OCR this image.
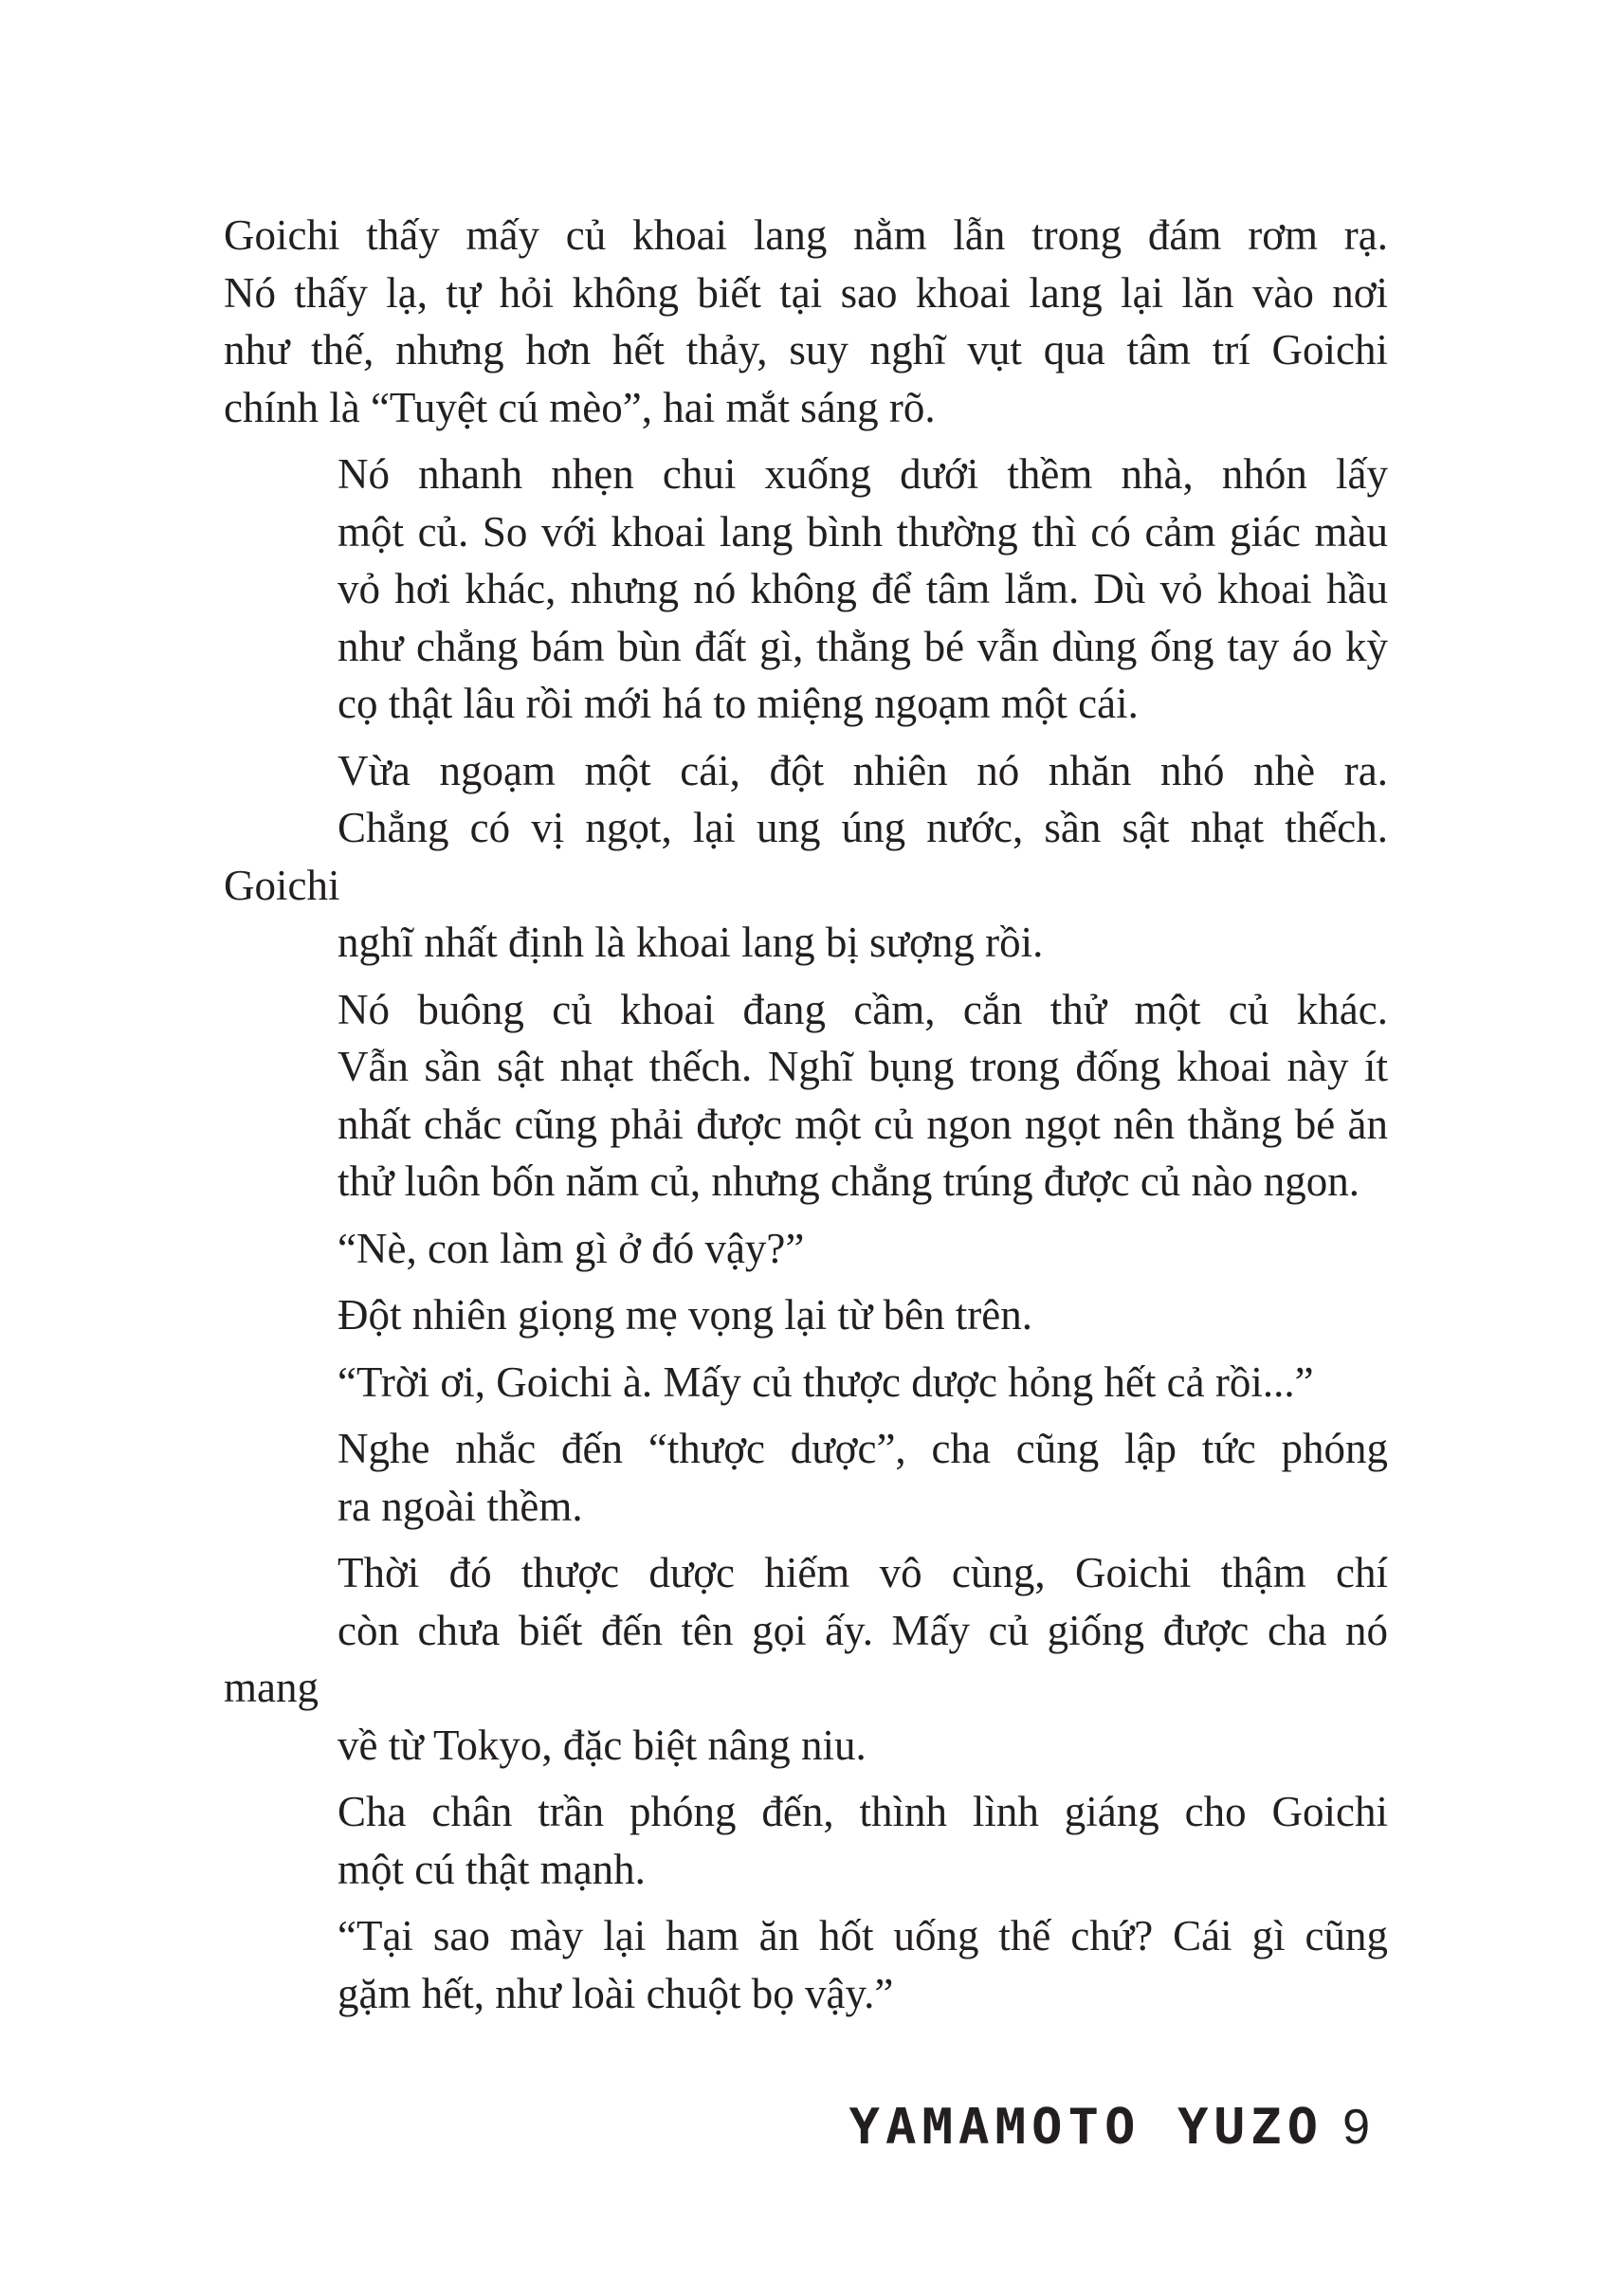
Goichi thấy mấy củ khoai lang nằm lẫn trong đám rơm rạ.
Nó thấy lạ, tự hỏi không biết tại sao khoai lang lại lăn vào nơi
như thế, nhưng hơn hết thảy, suy nghĩ vụt qua tâm trí Goichi
chính là “Tuyệt cú mèo”, hai mắt sáng rõ.

Nó nhanh nhẹn chui xuống dưới thềm nhà, nhón lấy
một củ. So với khoai lang bình thường thì có cảm giác màu
vỏ hơi khác, nhưng nó không để tâm lắm. Dù vỏ khoai hầu
như chẳng bám bùn đất gì, thằng bé vẫn dùng ống tay áo kỳ
cọ thật lâu rồi mới há to miệng ngoạm một cái.

Vừa ngoạm một cái, đột nhiên nó nhăn nhó nhè ra.
Chẳng có vị ngọt, lại ung úng nước, sần sật nhạt thếch. Goichi
nghĩ nhất định là khoai lang bị sượng rồi.

Nó buông củ khoai đang cầm, cắn thử một củ khác.
Vẫn sần sật nhạt thếch. Nghĩ bụng trong đống khoai này ít
nhất chắc cũng phải được một củ ngon ngọt nên thằng bé ăn
thử luôn bốn năm củ, nhưng chẳng trúng được củ nào ngon.

“Nè, con làm gì ở đó vậy?”

Đột nhiên giọng mẹ vọng lại từ bên trên.

“Trời ơi, Goichi à. Mấy củ thược dược hỏng hết cả rồi...”

Nghe nhắc đến “thược dược”, cha cũng lập tức phóng
ra ngoài thềm.

Thời đó thược dược hiếm vô cùng, Goichi thậm chí
còn chưa biết đến tên gọi ấy. Mấy củ giống được cha nó mang
về từ Tokyo, đặc biệt nâng niu.

Cha chân trần phóng đến, thình lình giáng cho Goichi
một cú thật mạnh.

“Tại sao mày lại ham ăn hốt uống thế chứ? Cái gì cũng
gặm hết, như loài chuột bọ vậy.”

YAMAMOTO YUZO 9
